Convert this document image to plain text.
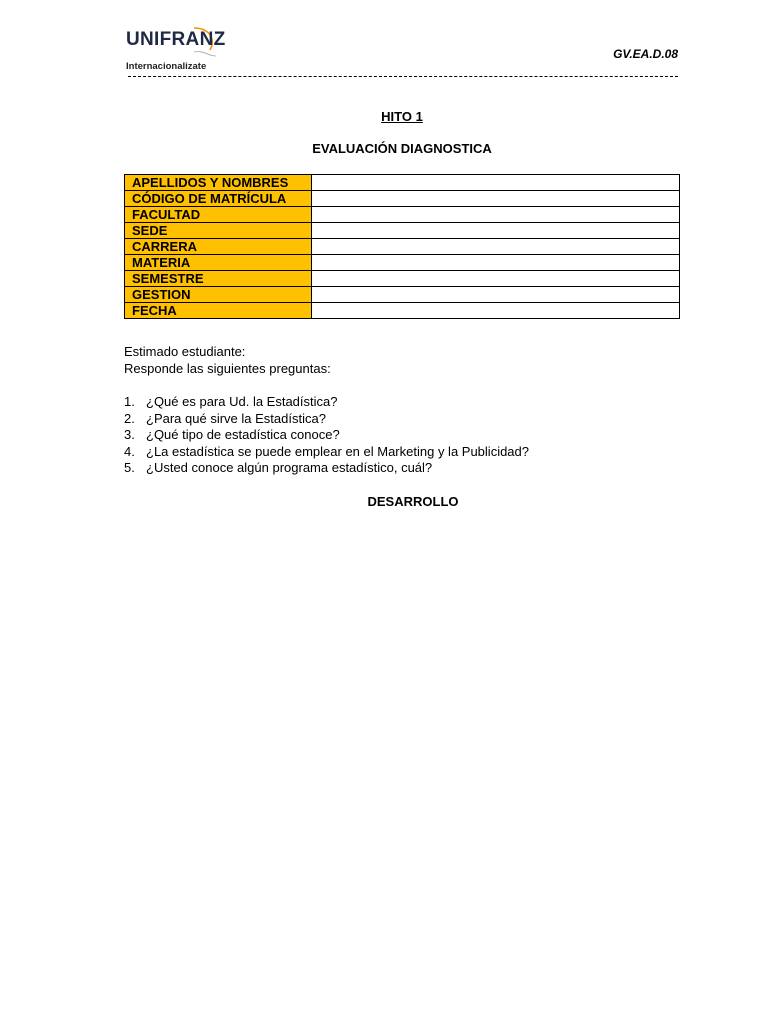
UNIFRANZ
Internacionalizate
GV.EA.D.08
HITO 1
EVALUACIÓN DIAGNOSTICA
APELLIDOS Y NOMBRES	
CÓDIGO DE MATRÍCULA	
FACULTAD	
SEDE	
CARRERA	
MATERIA	
SEMESTRE	
GESTION	
FECHA	
Estimado estudiante:
Responde las siguientes preguntas:
1. ¿Qué es para Ud. la Estadística?
2. ¿Para qué sirve la Estadística?
3. ¿Qué tipo de estadística conoce?
4. ¿La estadística se puede emplear en el Marketing y la Publicidad?
5. ¿Usted conoce algún programa estadístico, cuál?
DESARROLLO
